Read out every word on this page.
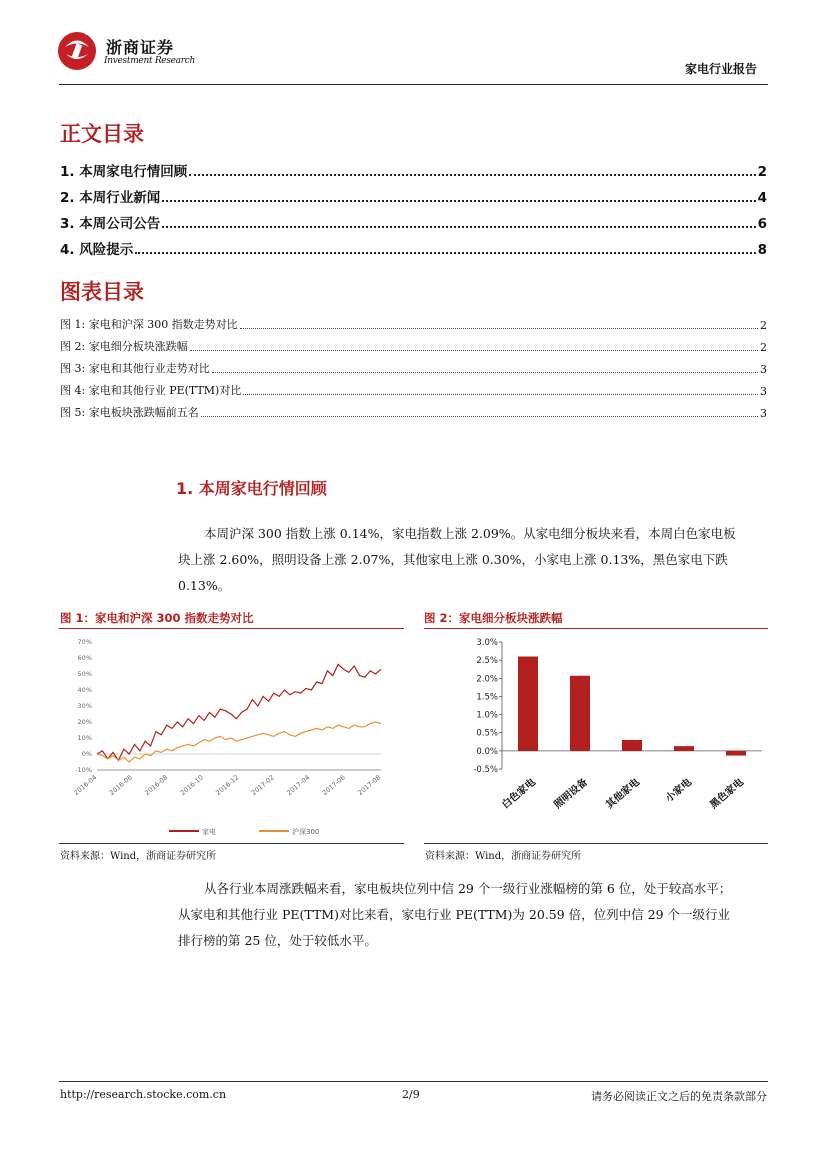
浙商证券
Investment Research
家电行业报告
正文目录
1. 本周家电行情回顾	2
2. 本周行业新闻	4
3. 本周公司公告	6
4. 风险提示	8
图表目录
图 1: 家电和沪深 300 指数走势对比	2
图 2: 家电细分板块涨跌幅	2
图 3: 家电和其他行业走势对比	3
图 4: 家电和其他行业 PE(TTM)对比	3
图 5: 家电板块涨跌幅前五名	3
1. 本周家电行情回顾
本周沪深 300 指数上涨 0.14%，家电指数上涨 2.09%。从家电细分板块来看，本周白色家电板块上涨 2.60%，照明设备上涨 2.07%，其他家电上涨 0.30%，小家电上涨 0.13%，黑色家电下跌 0.13%。
图 1：家电和沪深 300 指数走势对比
-10%
0%
10%
20%
30%
40%
50%
60%
70%
2016-04 2016-06 2016-08 2016-10 2016-12 2017-02 2017-04 2017-06 2017-08
家电	沪深300
资料来源：Wind，浙商证券研究所
图 2：家电细分板块涨跌幅
-0.5%
0.0%
0.5%
1.0%
1.5%
2.0%
2.5%
3.0%
白色家电 照明设备 其他家电 小家电 黑色家电
资料来源：Wind，浙商证券研究所
从各行业本周涨跌幅来看，家电板块位列中信 29 个一级行业涨幅榜的第 6 位，处于较高水平；从家电和其他行业 PE(TTM)对比来看，家电行业 PE(TTM)为 20.59 倍，位列中信 29 个一级行业排行榜的第 25 位，处于较低水平。
http://research.stocke.com.cn	2/9	请务必阅读正文之后的免责条款部分
